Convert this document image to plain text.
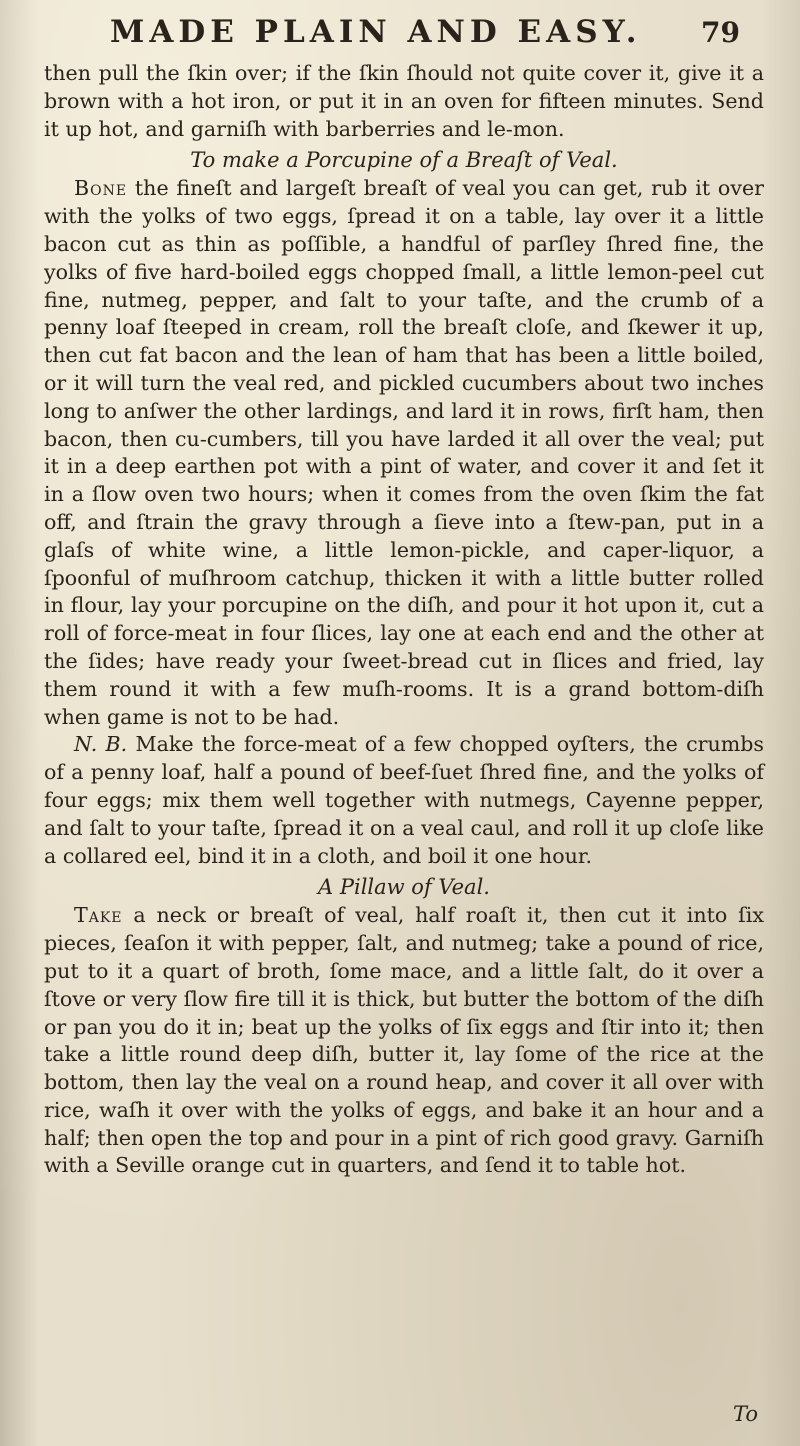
MADE PLAIN AND EASY. 79

then pull the ſkin over; if the ſkin ſhould not quite cover it, give it a brown with a hot iron, or put it in an oven for fifteen minutes. Send it up hot, and garniſh with barberries and le-mon.

To make a Porcupine of a Breaſt of Veal.

Bone the fineſt and largeſt breaſt of veal you can get, rub it over with the yolks of two eggs, ſpread it on a table, lay over it a little bacon cut as thin as poſſible, a handful of parſley ſhred fine, the yolks of five hard-boiled eggs chopped ſmall, a little lemon-peel cut fine, nutmeg, pepper, and ſalt to your taſte, and the crumb of a penny loaf ſteeped in cream, roll the breaſt cloſe, and ſkewer it up, then cut fat bacon and the lean of ham that has been a little boiled, or it will turn the veal red, and pickled cucumbers about two inches long to anſwer the other lardings, and lard it in rows, firſt ham, then bacon, then cu-cumbers, till you have larded it all over the veal; put it in a deep earthen pot with a pint of water, and cover it and ſet it in a ſlow oven two hours; when it comes from the oven ſkim the fat off, and ſtrain the gravy through a ſieve into a ſtew-pan, put in a glaſs of white wine, a little lemon-pickle, and caper-liquor, a ſpoonful of muſhroom catchup, thicken it with a little butter rolled in flour, lay your porcupine on the diſh, and pour it hot upon it, cut a roll of force-meat in four ſlices, lay one at each end and the other at the ſides; have ready your ſweet-bread cut in ſlices and fried, lay them round it with a few muſh-rooms. It is a grand bottom-diſh when game is not to be had.

N. B. Make the force-meat of a few chopped oyſters, the crumbs of a penny loaf, half a pound of beef-ſuet ſhred fine, and the yolks of four eggs; mix them well together with nutmegs, Cayenne pepper, and ſalt to your taſte, ſpread it on a veal caul, and roll it up cloſe like a collared eel, bind it in a cloth, and boil it one hour.

A Pillaw of Veal.

Take a neck or breaſt of veal, half roaſt it, then cut it into ſix pieces, ſeaſon it with pepper, ſalt, and nutmeg; take a pound of rice, put to it a quart of broth, ſome mace, and a little ſalt, do it over a ſtove or very ſlow fire till it is thick, but butter the bottom of the diſh or pan you do it in; beat up the yolks of ſix eggs and ſtir into it; then take a little round deep diſh, butter it, lay ſome of the rice at the bottom, then lay the veal on a round heap, and cover it all over with rice, waſh it over with the yolks of eggs, and bake it an hour and a half; then open the top and pour in a pint of rich good gravy. Garniſh with a Seville orange cut in quarters, and ſend it to table hot.

To
